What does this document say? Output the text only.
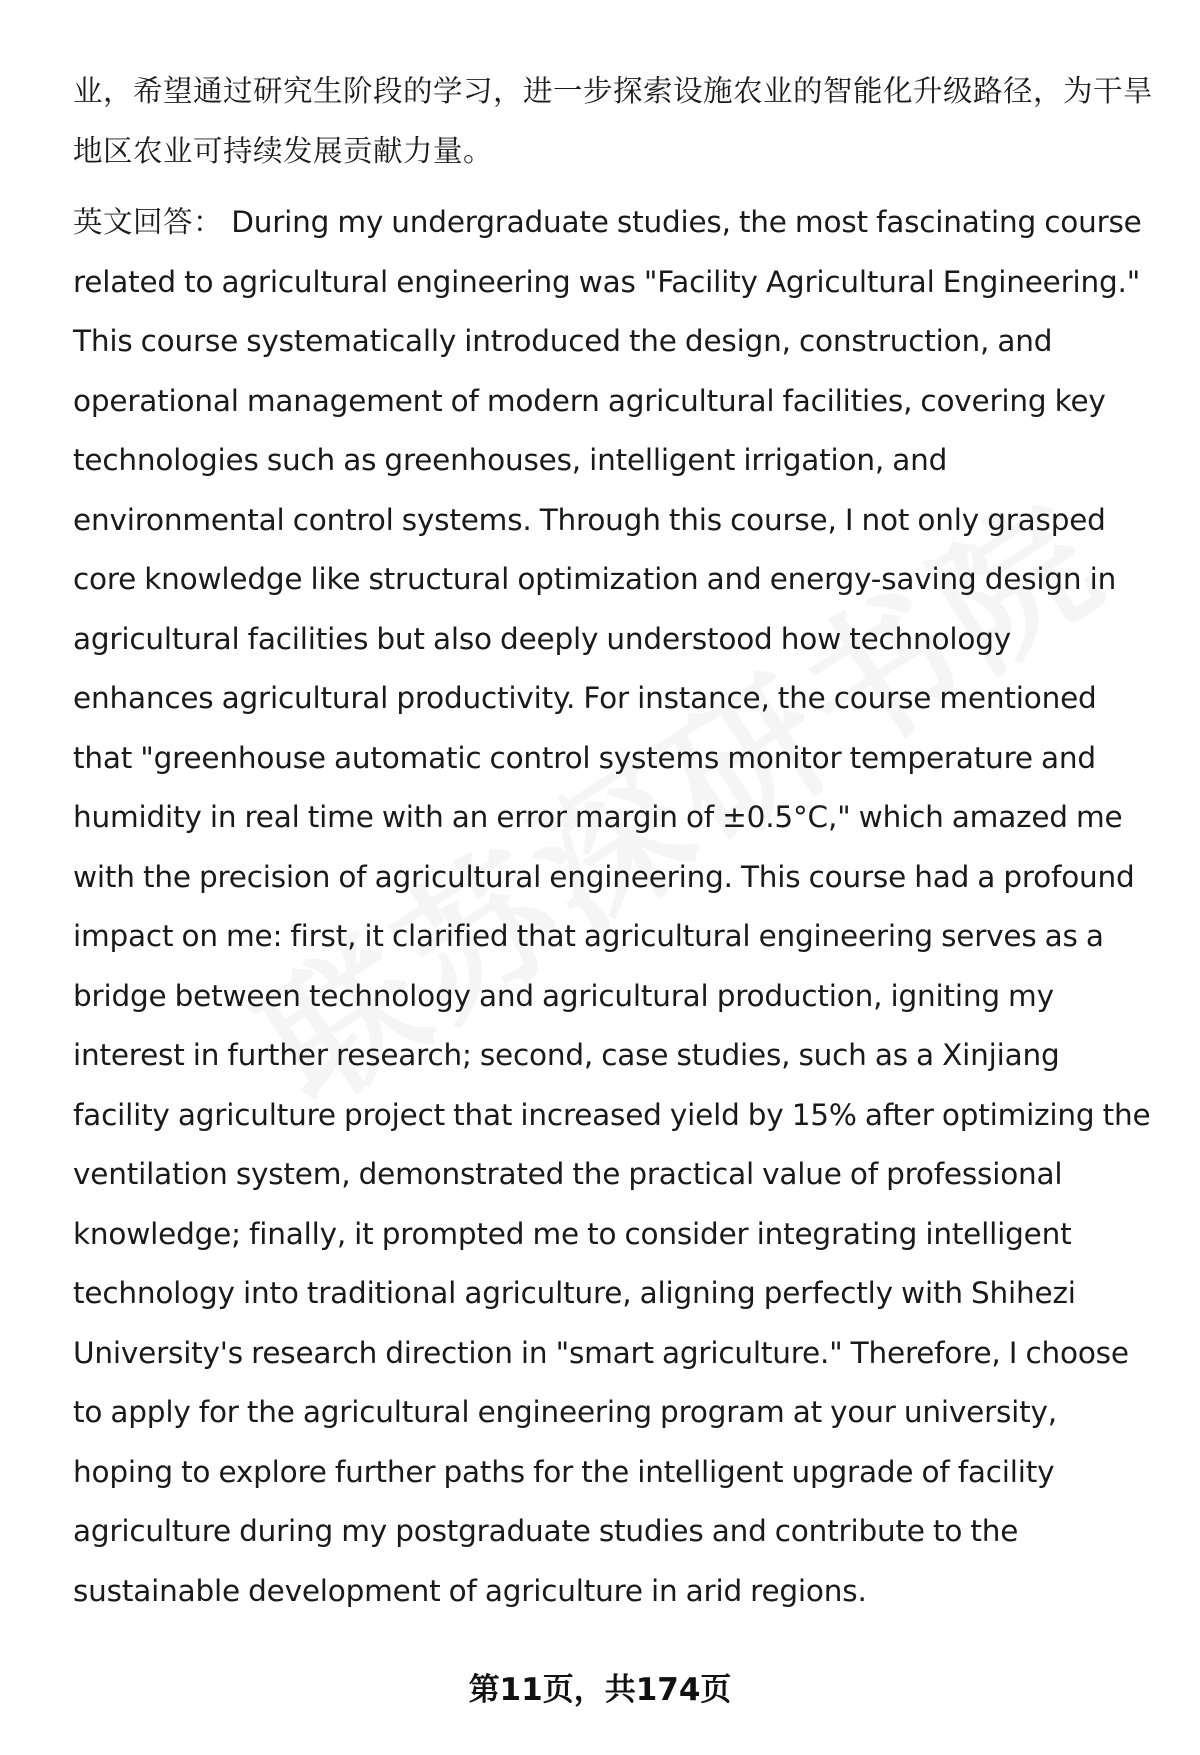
业，希望通过研究生阶段的学习，进一步探索设施农业的智能化升级路径，为干旱地区农业可持续发展贡献力量。

英文回答： During my undergraduate studies, the most fascinating course related to agricultural engineering was "Facility Agricultural Engineering." This course systematically introduced the design, construction, and operational management of modern agricultural facilities, covering key technologies such as greenhouses, intelligent irrigation, and environmental control systems. Through this course, I not only grasped core knowledge like structural optimization and energy-saving design in agricultural facilities but also deeply understood how technology enhances agricultural productivity. For instance, the course mentioned that "greenhouse automatic control systems monitor temperature and humidity in real time with an error margin of ±0.5°C," which amazed me with the precision of agricultural engineering. This course had a profound impact on me: first, it clarified that agricultural engineering serves as a bridge between technology and agricultural production, igniting my interest in further research; second, case studies, such as a Xinjiang facility agriculture project that increased yield by 15% after optimizing the ventilation system, demonstrated the practical value of professional knowledge; finally, it prompted me to consider integrating intelligent technology into traditional agriculture, aligning perfectly with Shihezi University's research direction in "smart agriculture." Therefore, I choose to apply for the agricultural engineering program at your university, hoping to explore further paths for the intelligent upgrade of facility agriculture during my postgraduate studies and contribute to the sustainable development of agriculture in arid regions.

第11页，共174页
